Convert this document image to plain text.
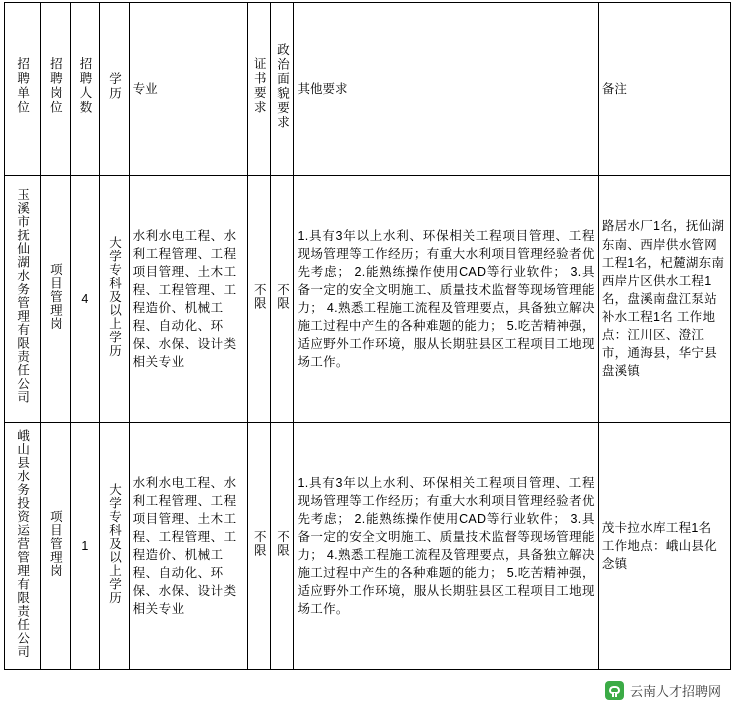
招聘单位	招聘岗位	招聘人数	学历	专业	证书要求	政治面貌要求	其他要求	备注
玉溪市抚仙湖水务管理有限责任公司	项目管理岗	4	大学专科及以上学历	水利水电工程、水利工程管理、工程项目管理、土木工程、工程管理、工程造价、机械工程、自动化、环保、水保、设计类相关专业	不限	不限	1.具有3年以上水利、环保相关工程项目管理、工程现场管理等工作经历；有重大水利项目管理经验者优先考虑； 2.能熟练操作使用CAD等行业软件； 3.具备一定的安全文明施工、质量技术监督等现场管理能力； 4.熟悉工程施工流程及管理要点，具备独立解决施工过程中产生的各种难题的能力； 5.吃苦精神强，适应野外工作环境，服从长期驻县区工程项目工地现场工作。	路居水厂1名，抚仙湖东南、西岸供水管网工程1名，杞麓湖东南西岸片区供水工程1名，盘溪南盘江泵站补水工程1名 工作地点：江川区、澄江市，通海县，华宁县盘溪镇
峨山县水务投资运营管理有限责任公司	项目管理岗	1	大学专科及以上学历	水利水电工程、水利工程管理、工程项目管理、土木工程、工程管理、工程造价、机械工程、自动化、环保、水保、设计类相关专业	不限	不限	1.具有3年以上水利、环保相关工程项目管理、工程现场管理等工作经历；有重大水利项目管理经验者优先考虑； 2.能熟练操作使用CAD等行业软件； 3.具备一定的安全文明施工、质量技术监督等现场管理能力； 4.熟悉工程施工流程及管理要点，具备独立解决施工过程中产生的各种难题的能力； 5.吃苦精神强，适应野外工作环境，服从长期驻县区工程项目工地现场工作。	茂卡拉水库工程1名 工作地点：峨山县化念镇
云南人才招聘网
